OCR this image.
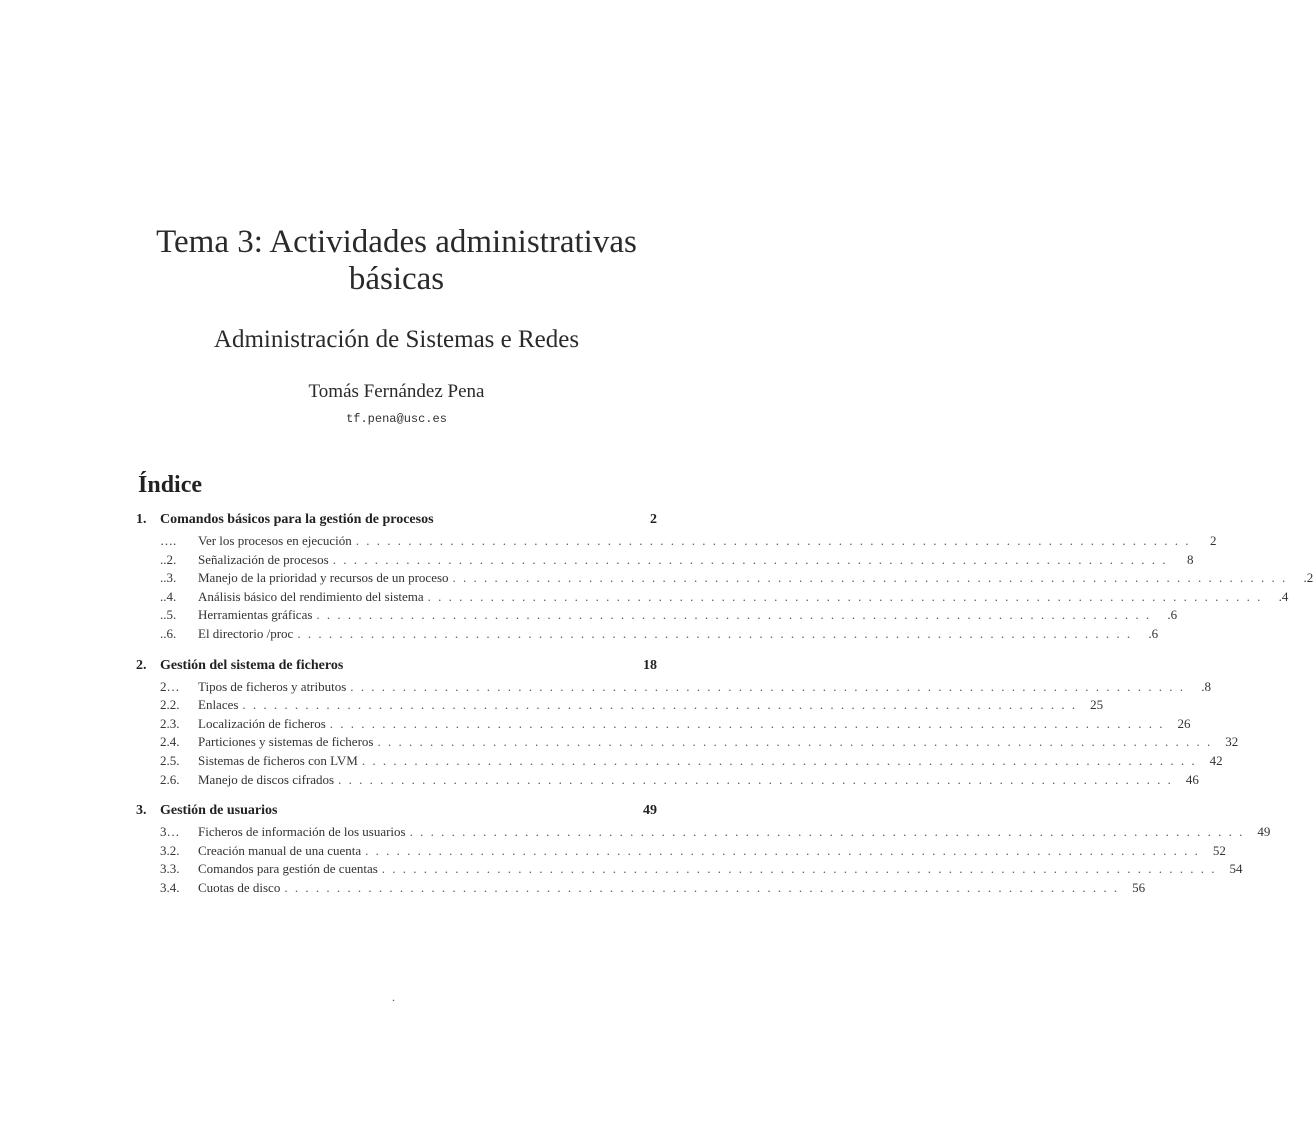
Tema 3: Actividades administrativas
básicas
Administración de Sistemas e Redes
Tomás Fernández Pena
tf.pena@usc.es
Índice
1. Comandos básicos para la gestión de procesos	2
….	Ver los procesos en ejecución . . . . . . . . . . . . . . . . . . . . . . . . . . . . . . . . . . . . . . . . . . . . . . . . . . . . . . . . . . . . . . . . . . . . . . . . . . . . . . . .	2
..2.	Señalización de procesos . . . . . . . . . . . . . . . . . . . . . . . . . . . . . . . . . . . . . . . . . . . . . . . . . . . . . . . . . . . . . . . . . . . . . . . . . . . . . . . .	8
..3.	Manejo de la prioridad y recursos de un proceso . . . . . . . . . . . . . . . . . . . . . . . . . . . . . . . . . . . . . . . . . . . . . . . . . . . . . . . . . . . . . . . . . . . . . . . . . . . . . . . .	.2
..4.	Análisis básico del rendimiento del sistema . . . . . . . . . . . . . . . . . . . . . . . . . . . . . . . . . . . . . . . . . . . . . . . . . . . . . . . . . . . . . . . . . . . . . . . . . . . . . . . .	.4
..5.	Herramientas gráficas . . . . . . . . . . . . . . . . . . . . . . . . . . . . . . . . . . . . . . . . . . . . . . . . . . . . . . . . . . . . . . . . . . . . . . . . . . . . . . . .	.6
..6.	El directorio /proc . . . . . . . . . . . . . . . . . . . . . . . . . . . . . . . . . . . . . . . . . . . . . . . . . . . . . . . . . . . . . . . . . . . . . . . . . . . . . . . .	.6
2. Gestión del sistema de ficheros	18
2…	Tipos de ficheros y atributos . . . . . . . . . . . . . . . . . . . . . . . . . . . . . . . . . . . . . . . . . . . . . . . . . . . . . . . . . . . . . . . . . . . . . . . . . . . . . . . .	.8
2.2.	Enlaces . . . . . . . . . . . . . . . . . . . . . . . . . . . . . . . . . . . . . . . . . . . . . . . . . . . . . . . . . . . . . . . . . . . . . . . . . . . . . . . .	25
2.3.	Localización de ficheros . . . . . . . . . . . . . . . . . . . . . . . . . . . . . . . . . . . . . . . . . . . . . . . . . . . . . . . . . . . . . . . . . . . . . . . . . . . . . . . .	26
2.4.	Particiones y sistemas de ficheros . . . . . . . . . . . . . . . . . . . . . . . . . . . . . . . . . . . . . . . . . . . . . . . . . . . . . . . . . . . . . . . . . . . . . . . . . . . . . . . .	32
2.5.	Sistemas de ficheros con LVM . . . . . . . . . . . . . . . . . . . . . . . . . . . . . . . . . . . . . . . . . . . . . . . . . . . . . . . . . . . . . . . . . . . . . . . . . . . . . . . .	42
2.6.	Manejo de discos cifrados . . . . . . . . . . . . . . . . . . . . . . . . . . . . . . . . . . . . . . . . . . . . . . . . . . . . . . . . . . . . . . . . . . . . . . . . . . . . . . . .	46
3. Gestión de usuarios	49
3…	Ficheros de información de los usuarios . . . . . . . . . . . . . . . . . . . . . . . . . . . . . . . . . . . . . . . . . . . . . . . . . . . . . . . . . . . . . . . . . . . . . . . . . . . . . . . .	49
3.2.	Creación manual de una cuenta . . . . . . . . . . . . . . . . . . . . . . . . . . . . . . . . . . . . . . . . . . . . . . . . . . . . . . . . . . . . . . . . . . . . . . . . . . . . . . . .	52
3.3.	Comandos para gestión de cuentas . . . . . . . . . . . . . . . . . . . . . . . . . . . . . . . . . . . . . . . . . . . . . . . . . . . . . . . . . . . . . . . . . . . . . . . . . . . . . . . .	54
3.4.	Cuotas de disco . . . . . . . . . . . . . . . . . . . . . . . . . . . . . . . . . . . . . . . . . . . . . . . . . . . . . . . . . . . . . . . . . . . . . . . . . . . . . . . .	56
.
